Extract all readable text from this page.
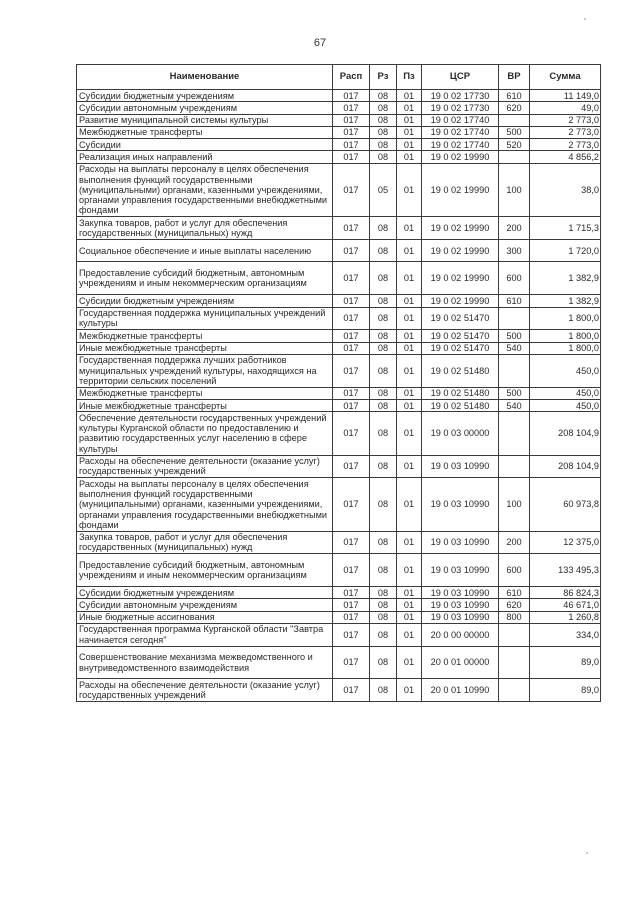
67
Наименование	Расп	Рз	Пз	ЦСР	ВР	Сумма
Субсидии бюджетным учреждениям	017	08	01	19 0 02 17730	610	11 149,0
Субсидии автономным учреждениям	017	08	01	19 0 02 17730	620	49,0
Развитие муниципальной системы культуры	017	08	01	19 0 02 17740		2 773,0
Межбюджетные трансферты	017	08	01	19 0 02 17740	500	2 773,0
Субсидии	017	08	01	19 0 02 17740	520	2 773,0
Реализация иных направлений	017	08	01	19 0 02 19990		4 856,2
Расходы на выплаты персоналу в целях обеспечения выполнения функций государственными (муниципальными) органами, казенными учреждениями, органами управления государственными внебюджетными фондами	017	05	01	19 0 02 19990	100	38,0
Закупка товаров, работ и услуг для обеспечения государственных (муниципальных) нужд	017	08	01	19 0 02 19990	200	1 715,3
Социальное обеспечение и иные выплаты населению	017	08	01	19 0 02 19990	300	1 720,0
Предоставление субсидий бюджетным, автономным учреждениям и иным некоммерческим организациям	017	08	01	19 0 02 19990	600	1 382,9
Субсидии бюджетным учреждениям	017	08	01	19 0 02 19990	610	1 382,9
Государственная поддержка муниципальных учреждений культуры	017	08	01	19 0 02 51470		1 800,0
Межбюджетные трансферты	017	08	01	19 0 02 51470	500	1 800,0
Иные межбюджетные трансферты	017	08	01	19 0 02 51470	540	1 800,0
Государственная поддержка лучших работников муниципальных учреждений культуры, находящихся на территории сельских поселений	017	08	01	19 0 02 51480		450,0
Межбюджетные трансферты	017	08	01	19 0 02 51480	500	450,0
Иные межбюджетные трансферты	017	08	01	19 0 02 51480	540	450,0
Обеспечение деятельности государственных учреждений культуры Курганской области по предоставлению и развитию государственных услуг населению в сфере культуры	017	08	01	19 0 03 00000		208 104,9
Расходы на обеспечение деятельности (оказание услуг) государственных учреждений	017	08	01	19 0 03 10990		208 104,9
Расходы на выплаты персоналу в целях обеспечения выполнения функций государственными (муниципальными) органами, казенными учреждениями, органами управления государственными внебюджетными фондами	017	08	01	19 0 03 10990	100	60 973,8
Закупка товаров, работ и услуг для обеспечения государственных (муниципальных) нужд	017	08	01	19 0 03 10990	200	12 375,0
Предоставление субсидий бюджетным, автономным учреждениям и иным некоммерческим организациям	017	08	01	19 0 03 10990	600	133 495,3
Субсидии бюджетным учреждениям	017	08	01	19 0 03 10990	610	86 824,3
Субсидии автономным учреждениям	017	08	01	19 0 03 10990	620	46 671,0
Иные бюджетные ассигнования	017	08	01	19 0 03 10990	800	1 260,8
Государственная программа Курганской области "Завтра начинается сегодня"	017	08	01	20 0 00 00000		334,0
Совершенствование механизма межведомственного и внутриведомственного взаимодействия	017	08	01	20 0 01 00000		89,0
Расходы на обеспечение деятельности (оказание услуг) государственных учреждений	017	08	01	20 0 01 10990		89,0
